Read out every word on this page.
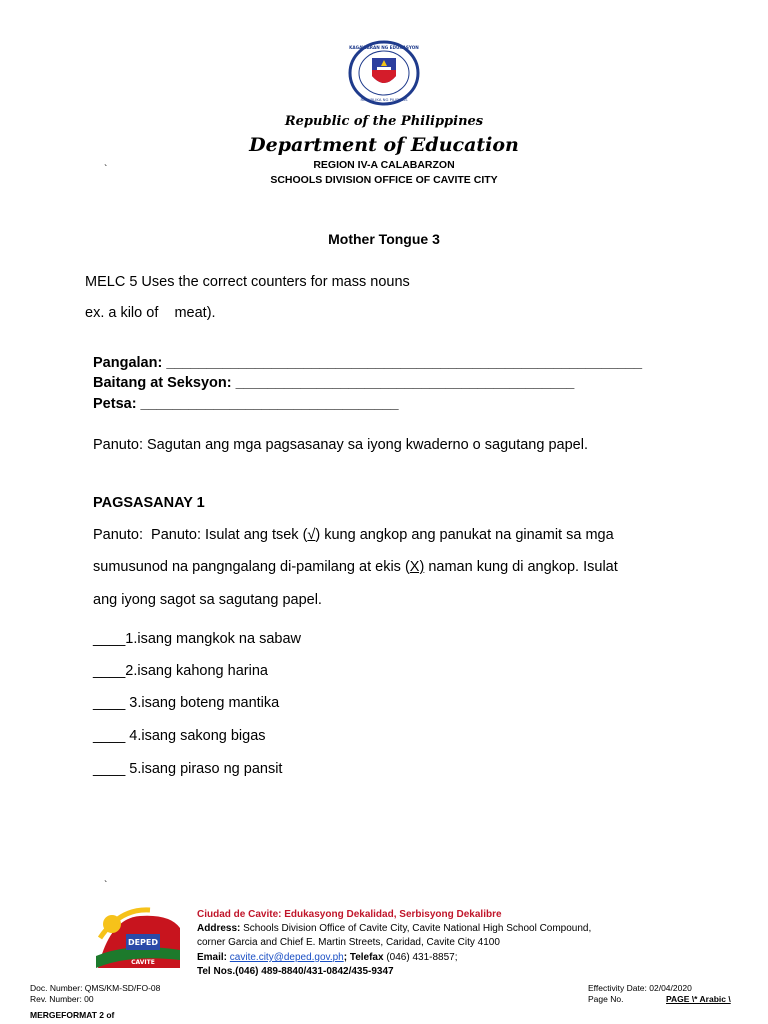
KAGAWARAN NG EDUKASYON
REPUBLIKA NG PILIPINAS
Republic of the Philippines
Department of Education
REGION IV-A CALABARZON
SCHOOLS DIVISION OFFICE OF CAVITE CITY
`
Mother Tongue 3
MELC 5 Uses the correct counters for mass nouns
ex. a kilo of    meat).
Pangalan: ___________________________________________________________
Baitang at Seksyon: __________________________________________
Petsa: ________________________________
Panuto: Sagutan ang mga pagsasanay sa iyong kwaderno o sagutang papel.
PAGSASANAY 1
Panuto:  Panuto: Isulat ang tsek (√) kung angkop ang panukat na ginamit sa mga
sumusunod na pangngalang di-pamilang at ekis (X) naman kung di angkop. Isulat
ang iyong sagot sa sagutang papel.
____1.isang mangkok na sabaw
____2.isang kahong harina
____ 3.isang boteng mantika
____ 4.isang sakong bigas
____ 5.isang piraso ng pansit
`
DEPED
CAVITE
Ciudad de Cavite: Edukasyong Dekalidad, Serbisyong Dekalibre
Address: Schools Division Office of Cavite City, Cavite National High School Compound,
corner Garcia and Chief E. Martin Streets, Caridad, Cavite City 4100
Email: cavite.city@deped.gov.ph; Telefax (046) 431-8857;
Tel Nos.(046) 489-8840/431-0842/435-9347
Doc. Number: QMS/KM-SD/FO-08
Rev. Number: 00
MERGEFORMAT 2 of
Effectivity Date: 02/04/2020
Page No.	PAGE \* Arabic \
